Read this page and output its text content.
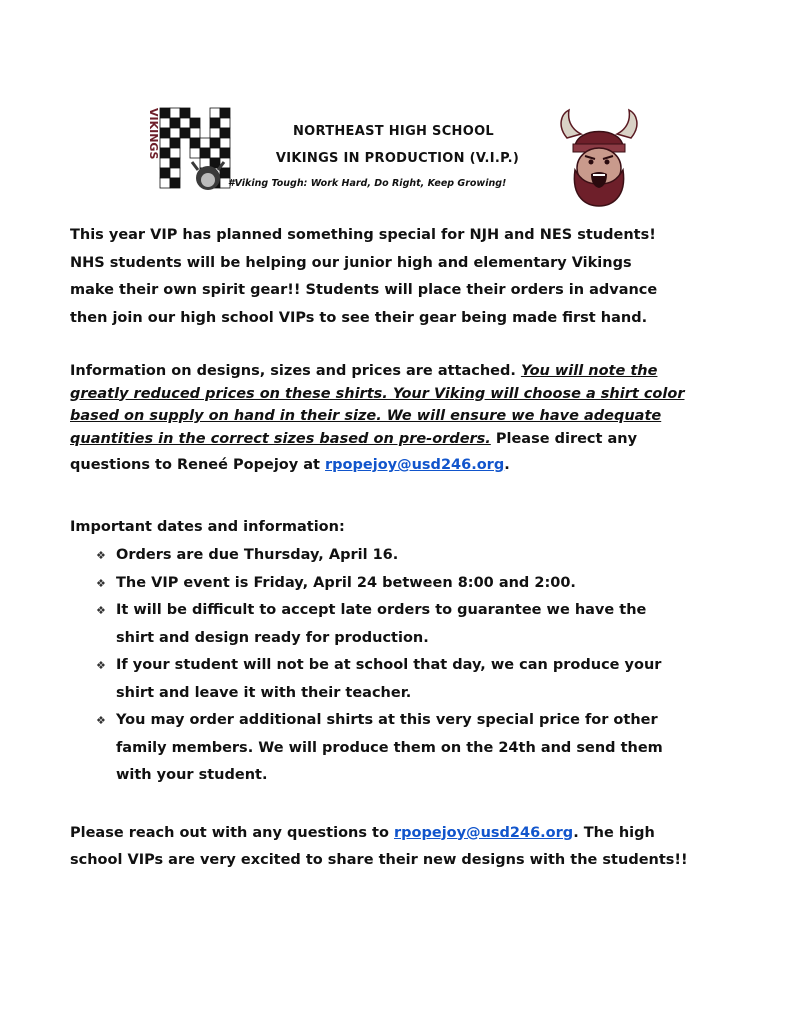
VIKINGS	NORTHEAST HIGH SCHOOL
VIKINGS IN PRODUCTION (V.I.P.)
#Viking Tough: Work Hard, Do Right, Keep Growing!

This year VIP has planned something special for NJH and NES students!
NHS students will be helping our junior high and elementary Vikings
make their own spirit gear!! Students will place their orders in advance
then join our high school VIPs to see their gear being made first hand.

Information on designs, sizes and prices are attached. You will note the
greatly reduced prices on these shirts. Your Viking will choose a shirt color
based on supply on hand in their size. We will ensure we have adequate
quantities in the correct sizes based on pre-orders. Please direct any
questions to Reneé Popejoy at rpopejoy@usd246.org.

Important dates and information:

❖ Orders are due Thursday, April 16.
❖ The VIP event is Friday, April 24 between 8:00 and 2:00.
❖ It will be difficult to accept late orders to guarantee we have the
shirt and design ready for production.
❖ If your student will not be at school that day, we can produce your
shirt and leave it with their teacher.
❖ You may order additional shirts at this very special price for other
family members. We will produce them on the 24th and send them
with your student.

Please reach out with any questions to rpopejoy@usd246.org. The high
school VIPs are very excited to share their new designs with the students!!
